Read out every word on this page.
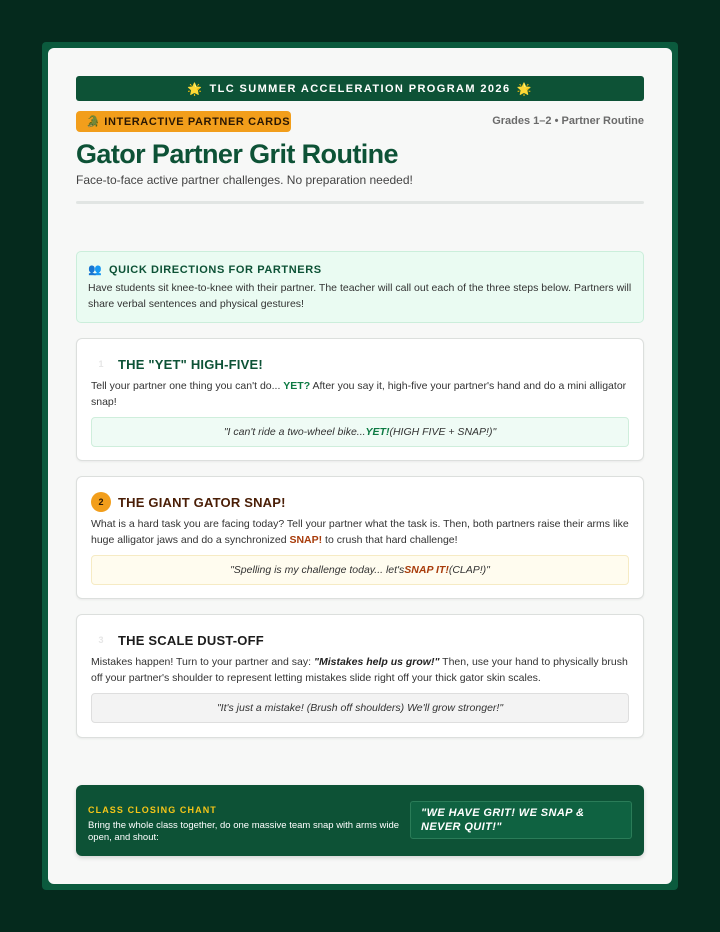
🌟 TLC SUMMER ACCELERATION PROGRAM 2026 🌟
🐊 INTERACTIVE PARTNER CARDS	Grades 1–2 • Partner Routine
Gator Partner Grit Routine
Face-to-face active partner challenges. No preparation needed!
👥 QUICK DIRECTIONS FOR PARTNERS
Have students sit knee-to-knee with their partner. The teacher will call out each of the three steps below. Partners will share verbal sentences and physical gestures!
1	THE "YET" HIGH-FIVE!
Tell your partner one thing you can't do... YET? After you say it, high-five your partner's hand and do a mini alligator snap!
"I can't ride a two-wheel bike... YET! (HIGH FIVE + SNAP!)"
2	THE GIANT GATOR SNAP!
What is a hard task you are facing today? Tell your partner what the task is. Then, both partners raise their arms like huge alligator jaws and do a synchronized SNAP! to crush that hard challenge!
"Spelling is my challenge today... let's SNAP IT! (CLAP!)"
3	THE SCALE DUST-OFF
Mistakes happen! Turn to your partner and say: "Mistakes help us grow!" Then, use your hand to physically brush off your partner's shoulder to represent letting mistakes slide right off your thick gator skin scales.
"It's just a mistake! (Brush off shoulders) We'll grow stronger!"
CLASS CLOSING CHANT
Bring the whole class together, do one massive team snap with arms wide open, and shout:
"WE HAVE GRIT! WE SNAP & NEVER QUIT!"
